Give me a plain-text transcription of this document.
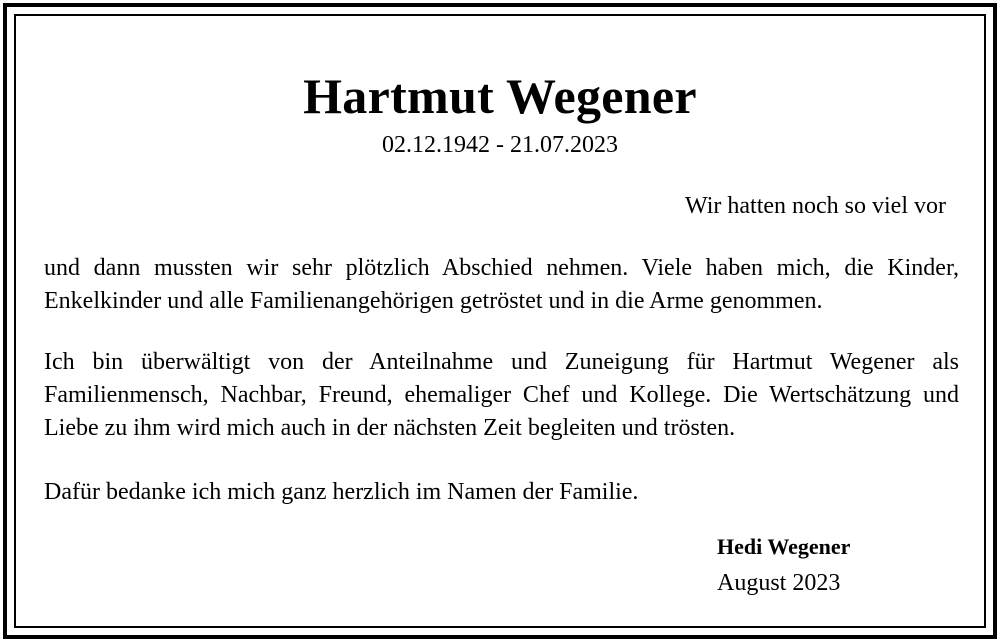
Hartmut Wegener
02.12.1942 - 21.07.2023
Wir hatten noch so viel vor
und dann mussten wir sehr plötzlich Abschied nehmen. Viele haben mich, die Kinder, Enkelkinder und alle Familienangehörigen getröstet und in die Arme genommen.
Ich bin überwältigt von der Anteilnahme und Zuneigung für Hartmut Wegener als Familienmensch, Nachbar, Freund, ehemaliger Chef und Kollege. Die Wertschätzung und Liebe zu ihm wird mich auch in der nächsten Zeit begleiten und trösten.
Dafür bedanke ich mich ganz herzlich im Namen der Familie.
Hedi Wegener
August 2023
